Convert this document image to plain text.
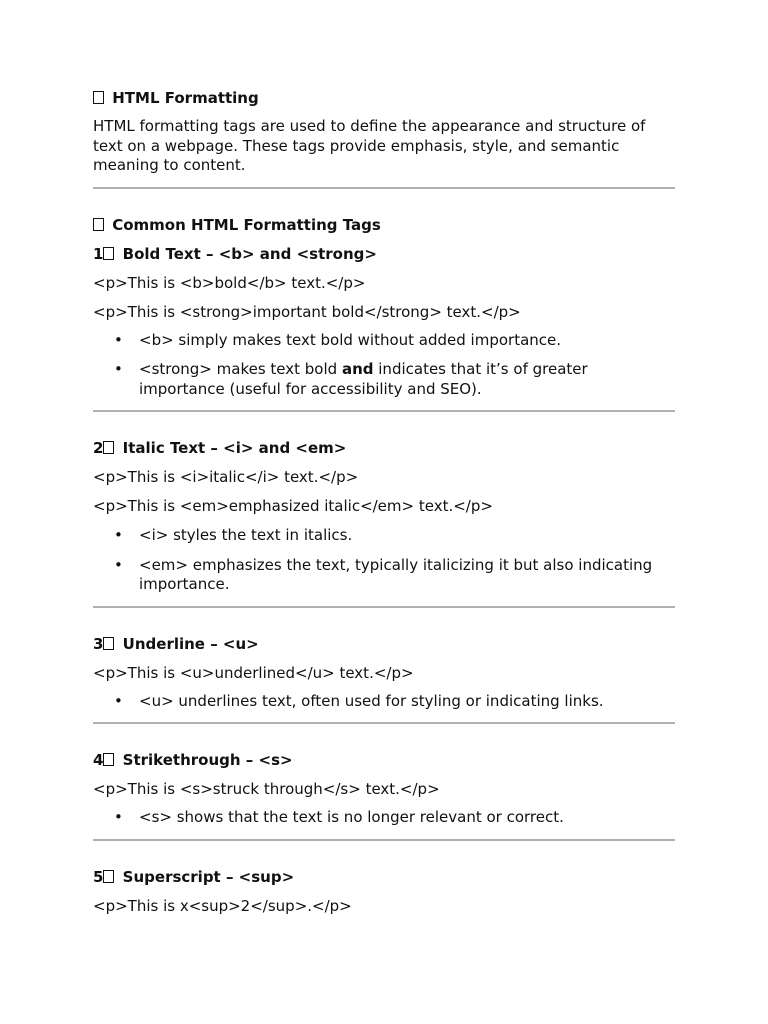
HTML Formatting
HTML formatting tags are used to define the appearance and structure of text on a webpage. These tags provide emphasis, style, and semantic meaning to content.
Common HTML Formatting Tags
1 Bold Text – <b> and <strong>
<p>This is <b>bold</b> text.</p>
<p>This is <strong>important bold</strong> text.</p>
• <b> simply makes text bold without added importance.
• <strong> makes text bold and indicates that it’s of greater importance (useful for accessibility and SEO).
2 Italic Text – <i> and <em>
<p>This is <i>italic</i> text.</p>
<p>This is <em>emphasized italic</em> text.</p>
• <i> styles the text in italics.
• <em> emphasizes the text, typically italicizing it but also indicating importance.
3 Underline – <u>
<p>This is <u>underlined</u> text.</p>
• <u> underlines text, often used for styling or indicating links.
4 Strikethrough – <s>
<p>This is <s>struck through</s> text.</p>
• <s> shows that the text is no longer relevant or correct.
5 Superscript – <sup>
<p>This is x<sup>2</sup>.</p>
